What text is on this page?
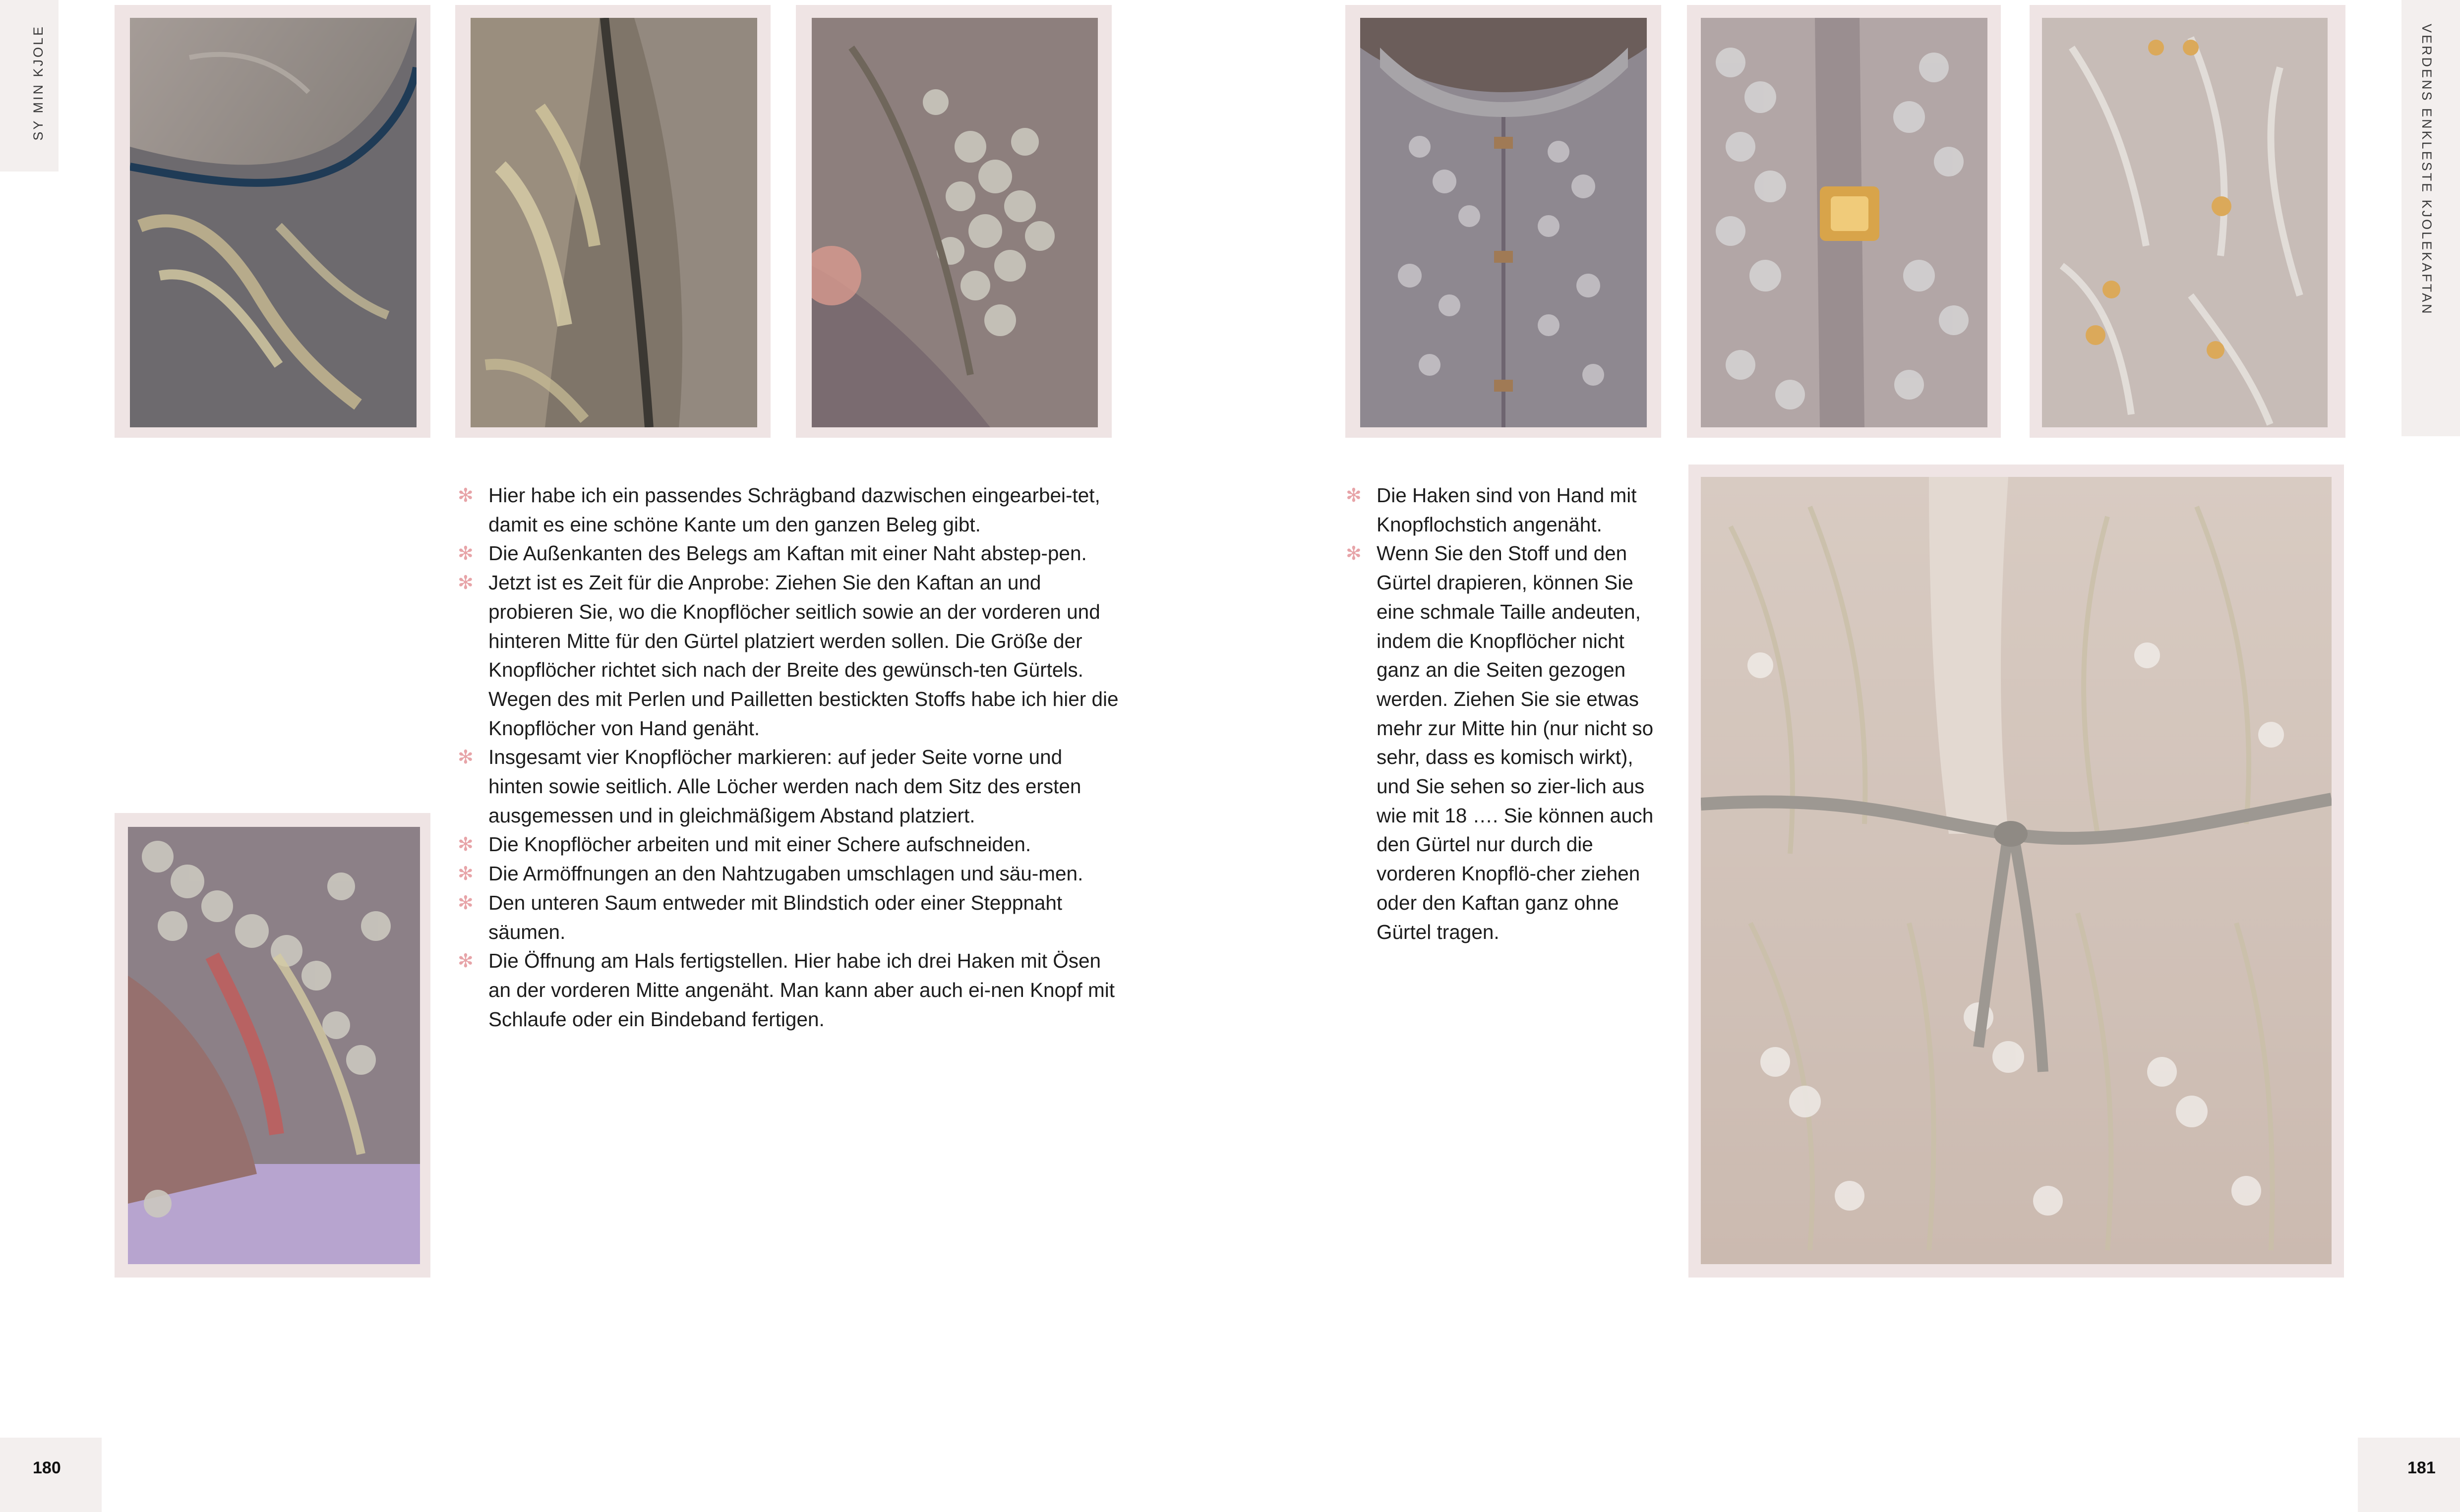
SY MIN KJOLE	VERDENS ENKLESTE KJOLEKAFTAN
180	181
✻ Hier habe ich ein passendes Schrägband dazwischen eingearbei-tet, damit es eine schöne Kante um den ganzen Beleg gibt.
✻ Die Außenkanten des Belegs am Kaftan mit einer Naht abstep-pen.
✻ Jetzt ist es Zeit für die Anprobe: Ziehen Sie den Kaftan an und probieren Sie, wo die Knopflöcher seitlich sowie an der vorderen und hinteren Mitte für den Gürtel platziert werden sollen. Die Größe der Knopflöcher richtet sich nach der Breite des gewünsch-ten Gürtels. Wegen des mit Perlen und Pailletten bestickten Stoffs habe ich hier die Knopflöcher von Hand genäht.
✻ Insgesamt vier Knopflöcher markieren: auf jeder Seite vorne und hinten sowie seitlich. Alle Löcher werden nach dem Sitz des ersten ausgemessen und in gleichmäßigem Abstand platziert.
✻ Die Knopflöcher arbeiten und mit einer Schere aufschneiden.
✻ Die Armöffnungen an den Nahtzugaben umschlagen und säu-men.
✻ Den unteren Saum entweder mit Blindstich oder einer Steppnaht säumen.
✻ Die Öffnung am Hals fertigstellen. Hier habe ich drei Haken mit Ösen an der vorderen Mitte angenäht. Man kann aber auch ei-nen Knopf mit Schlaufe oder ein Bindeband fertigen.
✻ Die Haken sind von Hand mit Knopflochstich angenäht.
✻ Wenn Sie den Stoff und den Gürtel drapieren, können Sie eine schmale Taille andeuten, indem die Knopflöcher nicht ganz an die Seiten gezogen werden. Ziehen Sie sie etwas mehr zur Mitte hin (nur nicht so sehr, dass es komisch wirkt), und Sie sehen so zier-lich aus wie mit 18 …. Sie können auch den Gürtel nur durch die vorderen Knopflö-cher ziehen oder den Kaftan ganz ohne Gürtel tragen.
